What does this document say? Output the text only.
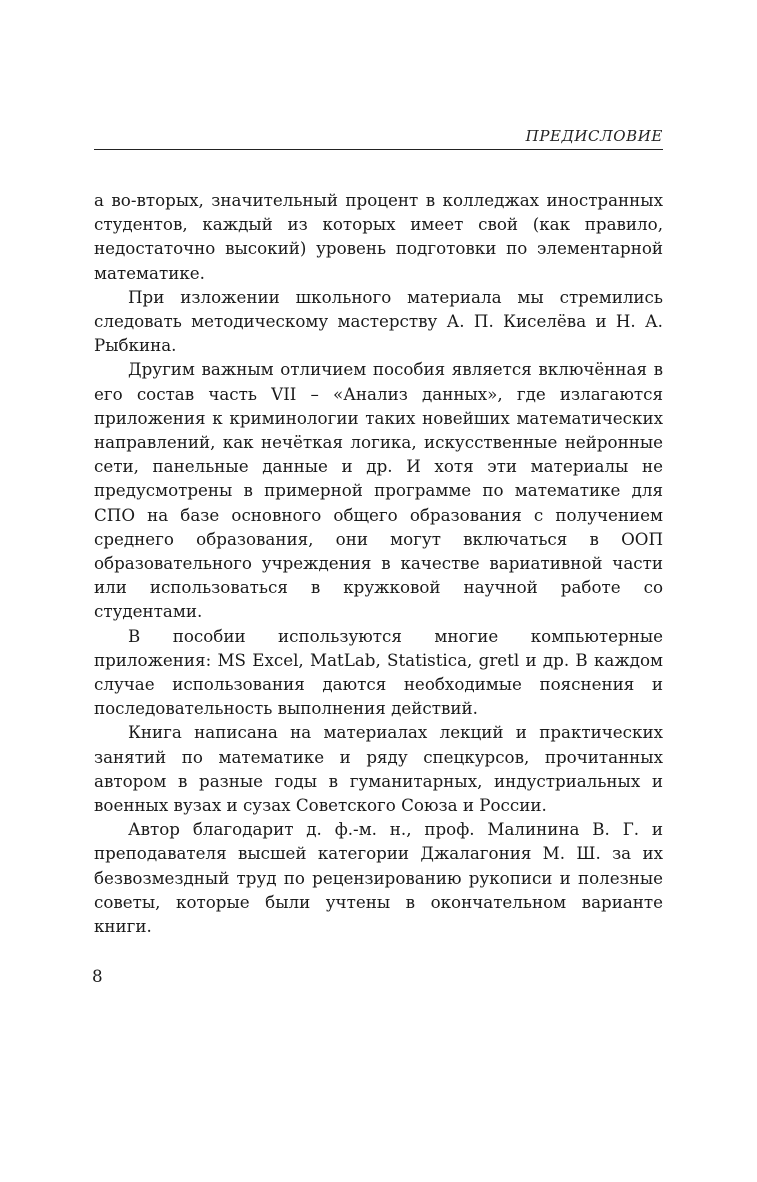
ПРЕДИСЛОВИЕ

а во-вторых, значительный процент в колледжах иностранных студентов, каждый из которых имеет свой (как правило, недостаточно высокий) уровень подготовки по элементарной математике.

При изложении школьного материала мы стремились следовать методическому мастерству А. П. Киселёва и Н. А. Рыбкина.

Другим важным отличием пособия является включённая в его состав часть VII – «Анализ данных», где излагаются приложения к криминологии таких новейших математических направлений, как нечёткая логика, искусственные нейронные сети, панельные данные и др. И хотя эти материалы не предусмотрены в примерной программе по математике для СПО на базе основного общего образования с получением среднего образования, они могут включаться в ООП образовательного учреждения в качестве вариативной части или использоваться в кружковой научной работе со студентами.

В пособии используются многие компьютерные приложения: MS Excel, MatLab, Statistica, gretl и др. В каждом случае использования даются необходимые пояснения и последовательность выполнения действий.

Книга написана на материалах лекций и практических занятий по математике и ряду спецкурсов, прочитанных автором в разные годы в гуманитарных, индустриальных и военных вузах и сузах Советского Союза и России.

Автор благодарит д. ф.-м. н., проф. Малинина В. Г. и преподавателя высшей категории Джалагония М. Ш. за их безвозмездный труд по рецензированию рукописи и полезные советы, которые были учтены в окончательном варианте книги.

8
